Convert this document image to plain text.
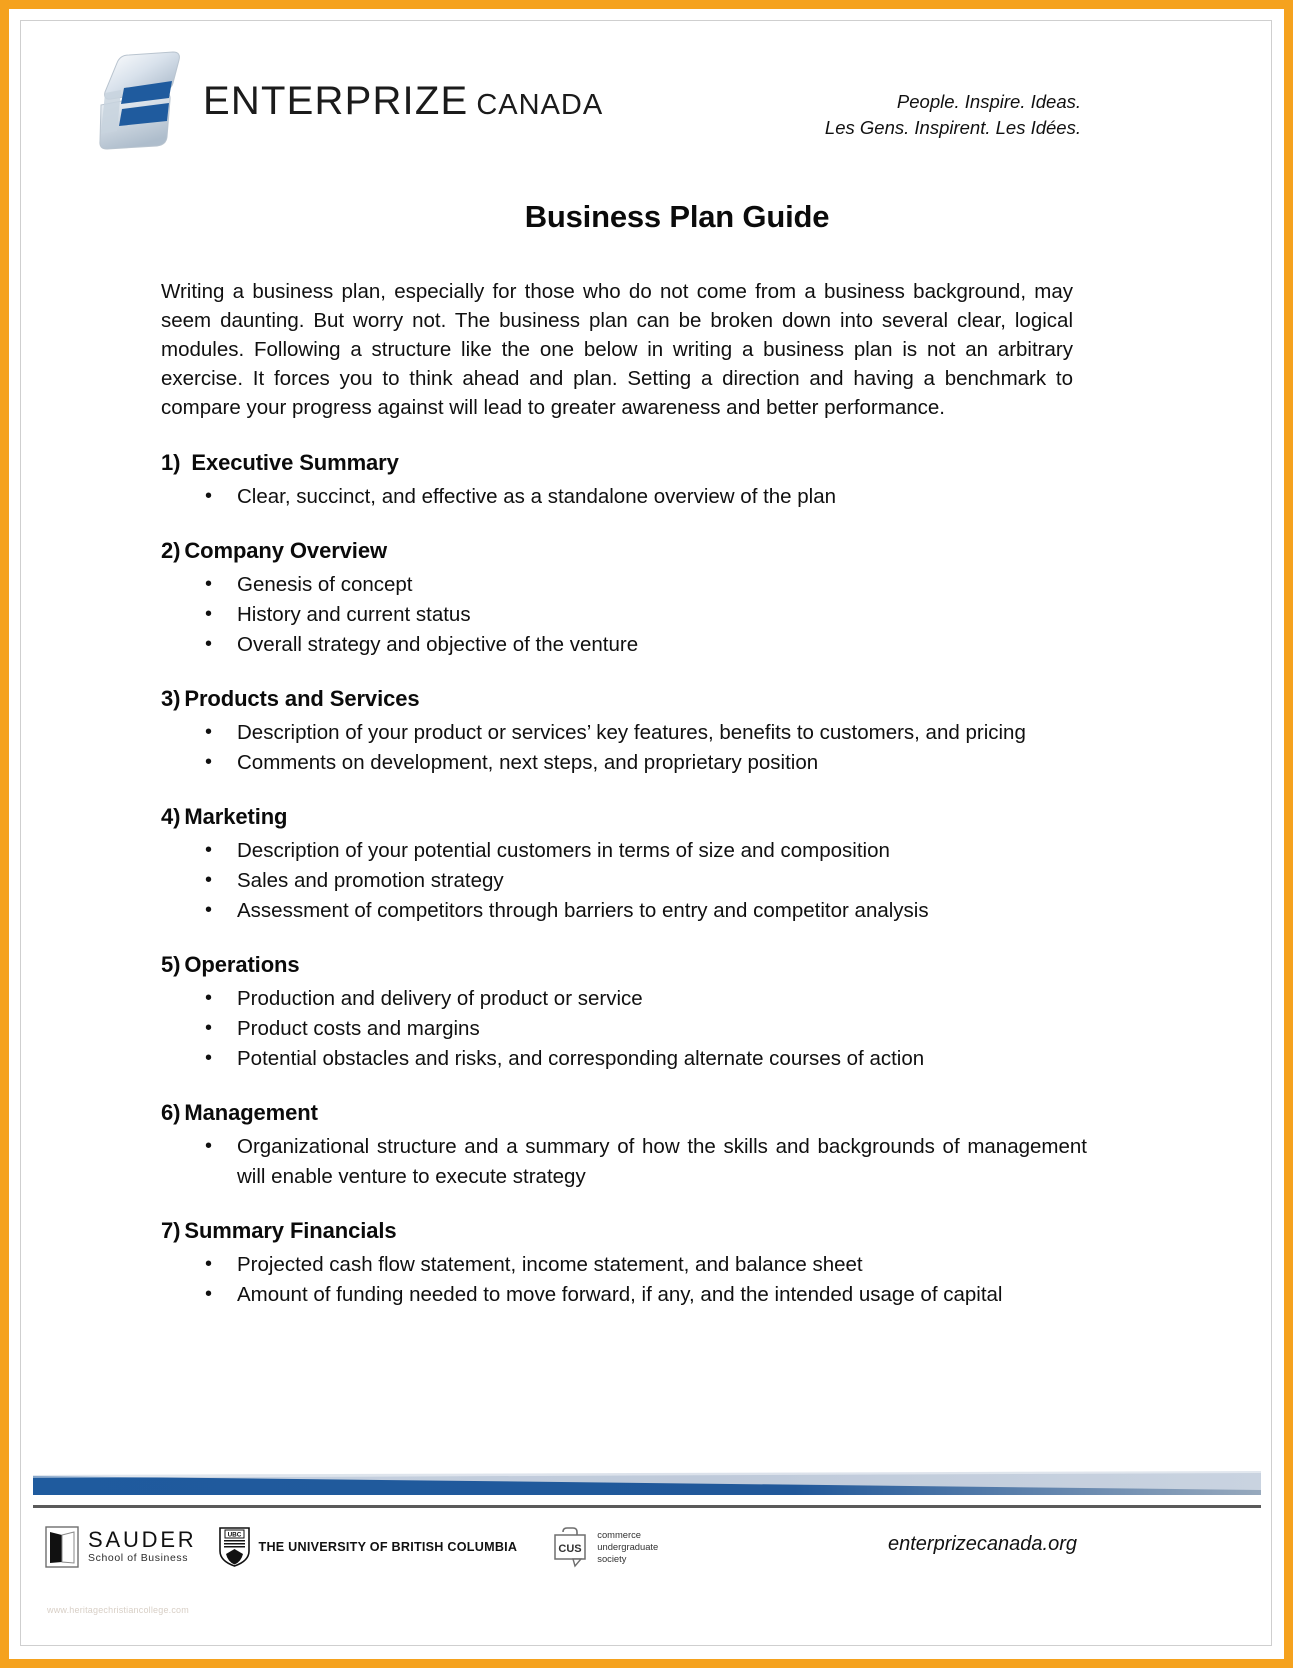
ENTERPRIZE CANADA	People. Inspire. Ideas.
Les Gens. Inspirent. Les Idées.
Business Plan Guide

Writing a business plan, especially for those who do not come from a business background, may seem daunting. But worry not. The business plan can be broken down into several clear, logical modules. Following a structure like the one below in writing a business plan is not an arbitrary exercise. It forces you to think ahead and plan. Setting a direction and having a benchmark to compare your progress against will lead to greater awareness and better performance.

1) Executive Summary
• Clear, succinct, and effective as a standalone overview of the plan
2) Company Overview
• Genesis of concept
• History and current status
• Overall strategy and objective of the venture
3) Products and Services
• Description of your product or services’ key features, benefits to customers, and pricing
• Comments on development, next steps, and proprietary position
4) Marketing
• Description of your potential customers in terms of size and composition
• Sales and promotion strategy
• Assessment of competitors through barriers to entry and competitor analysis
5) Operations
• Production and delivery of product or service
• Product costs and margins
• Potential obstacles and risks, and corresponding alternate courses of action
6) Management
• Organizational structure and a summary of how the skills and backgrounds of management will enable venture to execute strategy
7) Summary Financials
• Projected cash flow statement, income statement, and balance sheet
• Amount of funding needed to move forward, if any, and the intended usage of capital
SAUDER
School of Business
UBC
THE UNIVERSITY OF BRITISH COLUMBIA	CUS
commerce
undergraduate
society
enterprizecanada.org
www.heritagechristiancollege.com
